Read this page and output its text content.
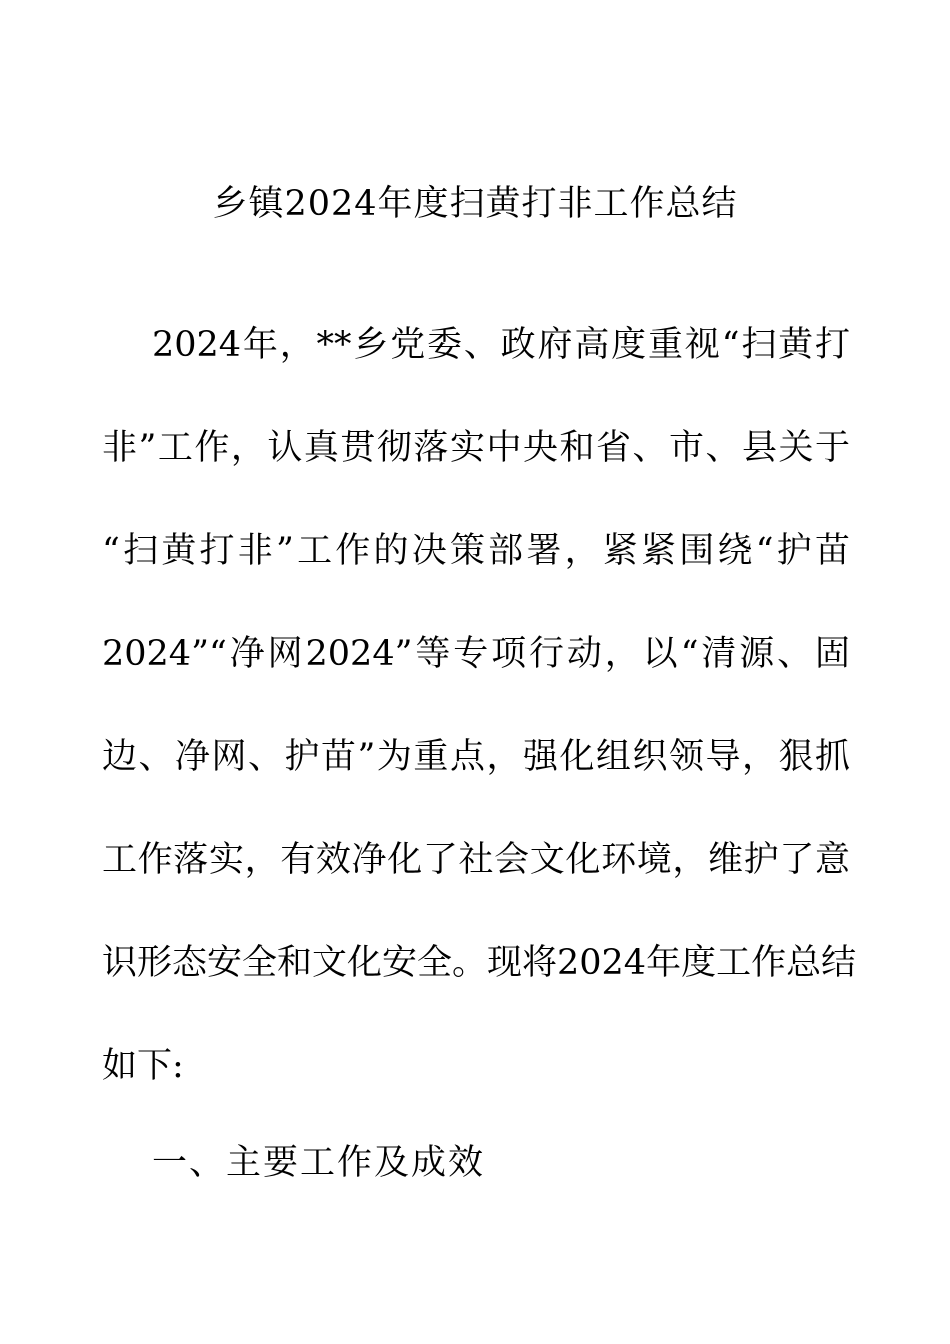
乡镇2024年度扫黄打非工作总结
2024年，**乡党委、政府高度重视“扫黄打
非”工作，认真贯彻落实中央和省、市、县关于
“扫黄打非”工作的决策部署，紧紧围绕“护苗
2024”“净网2024”等专项行动，以“清源、固
边、净网、护苗”为重点，强化组织领导，狠抓
工作落实，有效净化了社会文化环境，维护了意
识形态安全和文化安全。现将2024年度工作总结
如下:
一、主要工作及成效
